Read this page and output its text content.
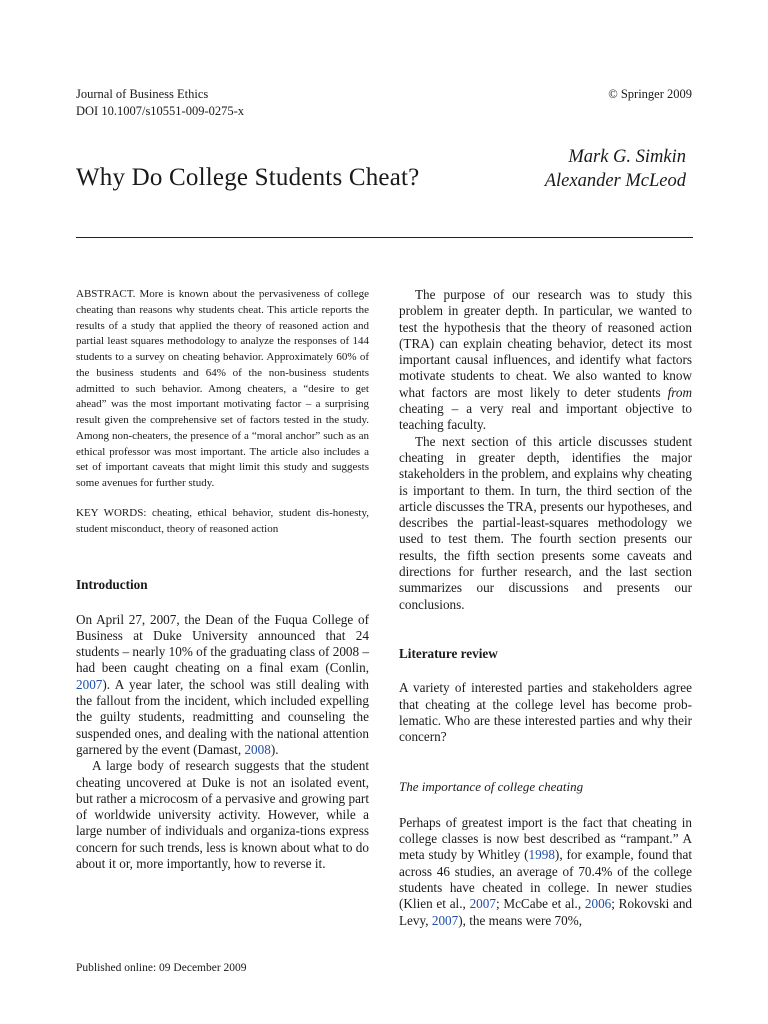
Journal of Business Ethics
DOI 10.1007/s10551-009-0275-x
© Springer 2009
Why Do College Students Cheat?
Mark G. Simkin
Alexander McLeod

ABSTRACT. More is known about the pervasiveness of college cheating than reasons why students cheat. This article reports the results of a study that applied the theory of reasoned action and partial least squares methodology to analyze the responses of 144 students to a survey on cheating behavior. Approximately 60% of the business students and 64% of the non-business students admitted to such behavior. Among cheaters, a “desire to get ahead” was the most important motivating factor – a surprising result given the comprehensive set of factors tested in the study. Among non-cheaters, the presence of a “moral anchor” such as an ethical professor was most important. The article also includes a set of important caveats that might limit this study and suggests some avenues for further study.

KEY WORDS: cheating, ethical behavior, student dis-honesty, student misconduct, theory of reasoned action

Introduction

On April 27, 2007, the Dean of the Fuqua College of Business at Duke University announced that 24 students – nearly 10% of the graduating class of 2008 – had been caught cheating on a final exam (Conlin, 2007). A year later, the school was still dealing with the fallout from the incident, which included expelling the guilty students, readmitting and counseling the suspended ones, and dealing with the national attention garnered by the event (Damast, 2008).

A large body of research suggests that the student cheating uncovered at Duke is not an isolated event, but rather a microcosm of a pervasive and growing part of worldwide university activity. However, while a large number of individuals and organiza-tions express concern for such trends, less is known about what to do about it or, more importantly, how to reverse it.

The purpose of our research was to study this problem in greater depth. In particular, we wanted to test the hypothesis that the theory of reasoned action (TRA) can explain cheating behavior, detect its most important causal influences, and identify what factors motivate students to cheat. We also wanted to know what factors are most likely to deter students from cheating – a very real and important objective to teaching faculty.

The next section of this article discusses student cheating in greater depth, identifies the major stakeholders in the problem, and explains why cheating is important to them. In turn, the third section of the article discusses the TRA, presents our hypotheses, and describes the partial-least-squares methodology we used to test them. The fourth section presents our results, the fifth section presents some caveats and directions for further research, and the last section summarizes our discussions and presents our conclusions.

Literature review

A variety of interested parties and stakeholders agree that cheating at the college level has become prob-lematic. Who are these interested parties and why their concern?

The importance of college cheating

Perhaps of greatest import is the fact that cheating in college classes is now best described as “rampant.” A meta study by Whitley (1998), for example, found that across 46 studies, an average of 70.4% of the college students have cheated in college. In newer studies (Klien et al., 2007; McCabe et al., 2006; Rokovski and Levy, 2007), the means were 70%,

Published online: 09 December 2009
